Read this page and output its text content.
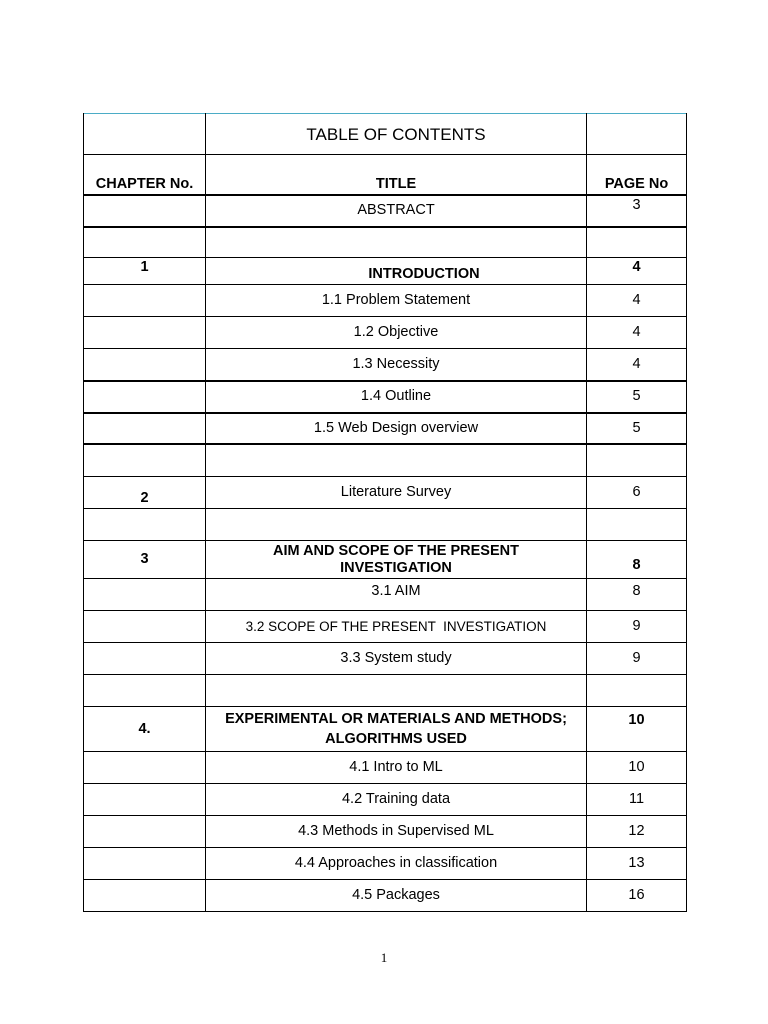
	TABLE OF CONTENTS	
CHAPTER No.	TITLE	PAGE No
	ABSTRACT	3

1	INTRODUCTION	4
	1.1 Problem Statement	4
	1.2 Objective	4
	1.3 Necessity	4
	1.4 Outline	5
	1.5 Web Design overview	5

2	Literature Survey	6

3	AIM AND SCOPE OF THE PRESENT INVESTIGATION	8
	3.1 AIM	8
	3.2 SCOPE OF THE PRESENT  INVESTIGATION	9
	3.3 System study	9

4.	EXPERIMENTAL OR MATERIALS AND METHODS; ALGORITHMS USED	10
	4.1 Intro to ML	10
	4.2 Training data	11
	4.3 Methods in Supervised ML	12
	4.4 Approaches in classification	13
	4.5 Packages	16
1
